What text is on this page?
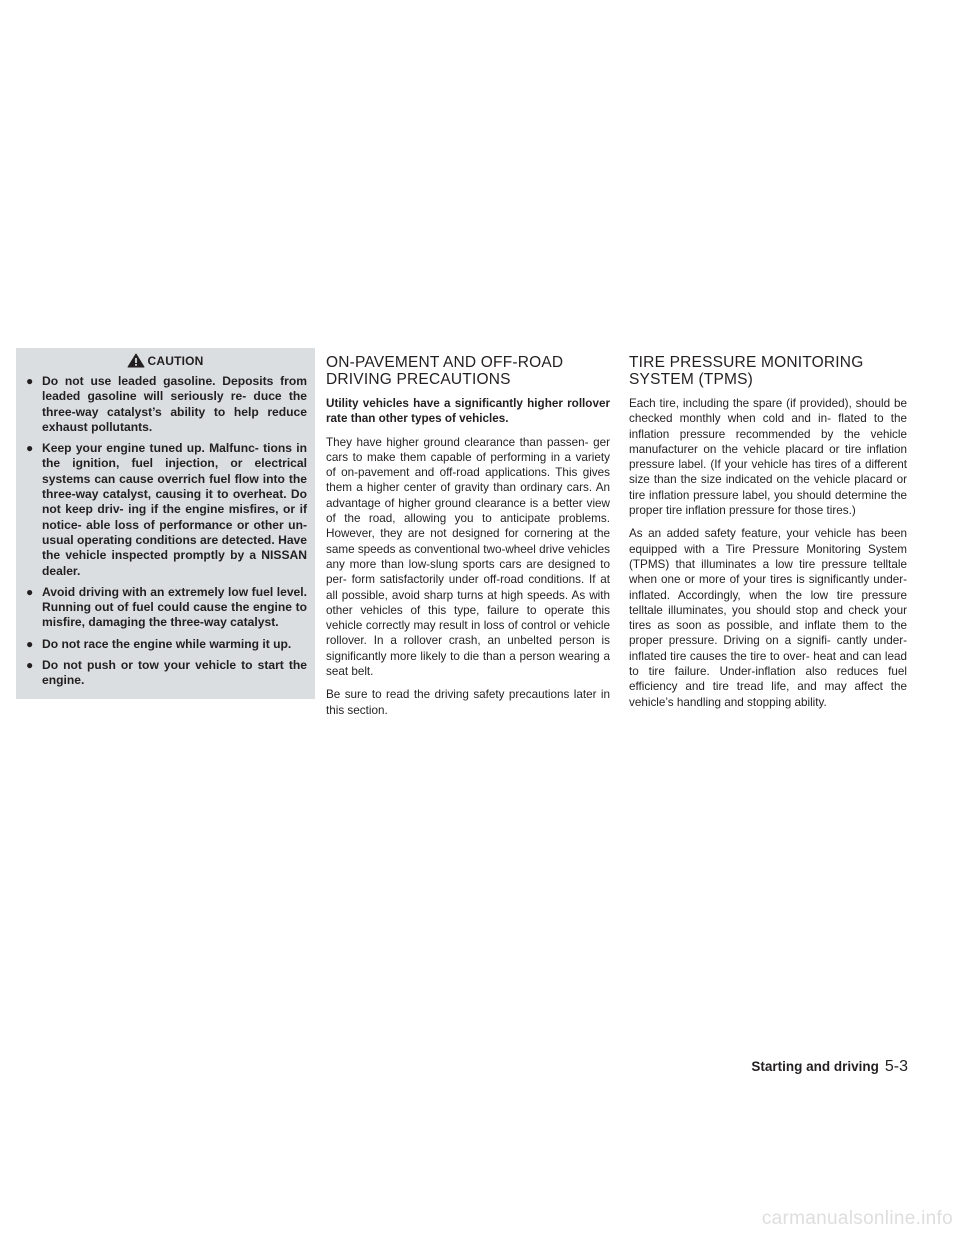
CAUTION
● Do not use leaded gasoline. Deposits from leaded gasoline will seriously re- duce the three-way catalyst’s ability to help reduce exhaust pollutants.
● Keep your engine tuned up. Malfunc- tions in the ignition, fuel injection, or electrical systems can cause overrich fuel flow into the three-way catalyst, causing it to overheat. Do not keep driv- ing if the engine misfires, or if notice- able loss of performance or other un- usual operating conditions are detected. Have the vehicle inspected promptly by a NISSAN dealer.
● Avoid driving with an extremely low fuel level. Running out of fuel could cause the engine to misfire, damaging the three-way catalyst.
● Do not race the engine while warming it up.
● Do not push or tow your vehicle to start the engine.
ON-PAVEMENT AND OFF-ROAD DRIVING PRECAUTIONS

Utility vehicles have a significantly higher rollover rate than other types of vehicles.

They have higher ground clearance than passen- ger cars to make them capable of performing in a variety of on-pavement and off-road applications. This gives them a higher center of gravity than ordinary cars. An advantage of higher ground clearance is a better view of the road, allowing you to anticipate problems. However, they are not designed for cornering at the same speeds as conventional two-wheel drive vehicles any more than low-slung sports cars are designed to per- form satisfactorily under off-road conditions. If at all possible, avoid sharp turns at high speeds. As with other vehicles of this type, failure to operate this vehicle correctly may result in loss of control or vehicle rollover. In a rollover crash, an unbelted person is significantly more likely to die than a person wearing a seat belt.

Be sure to read the driving safety precautions later in this section.

TIRE PRESSURE MONITORING SYSTEM (TPMS)

Each tire, including the spare (if provided), should be checked monthly when cold and in- flated to the inflation pressure recommended by the vehicle manufacturer on the vehicle placard or tire inflation pressure label. (If your vehicle has tires of a different size than the size indicated on the vehicle placard or tire inflation pressure label, you should determine the proper tire inflation pressure for those tires.)

As an added safety feature, your vehicle has been equipped with a Tire Pressure Monitoring System (TPMS) that illuminates a low tire pressure telltale when one or more of your tires is significantly under-inflated. Accordingly, when the low tire pressure telltale illuminates, you should stop and check your tires as soon as possible, and inflate them to the proper pressure. Driving on a signifi- cantly under-inflated tire causes the tire to over- heat and can lead to tire failure. Under-inflation also reduces fuel efficiency and tire tread life, and may affect the vehicle’s handling and stopping ability.

Starting and driving 5-3
carmanualsonline.info
